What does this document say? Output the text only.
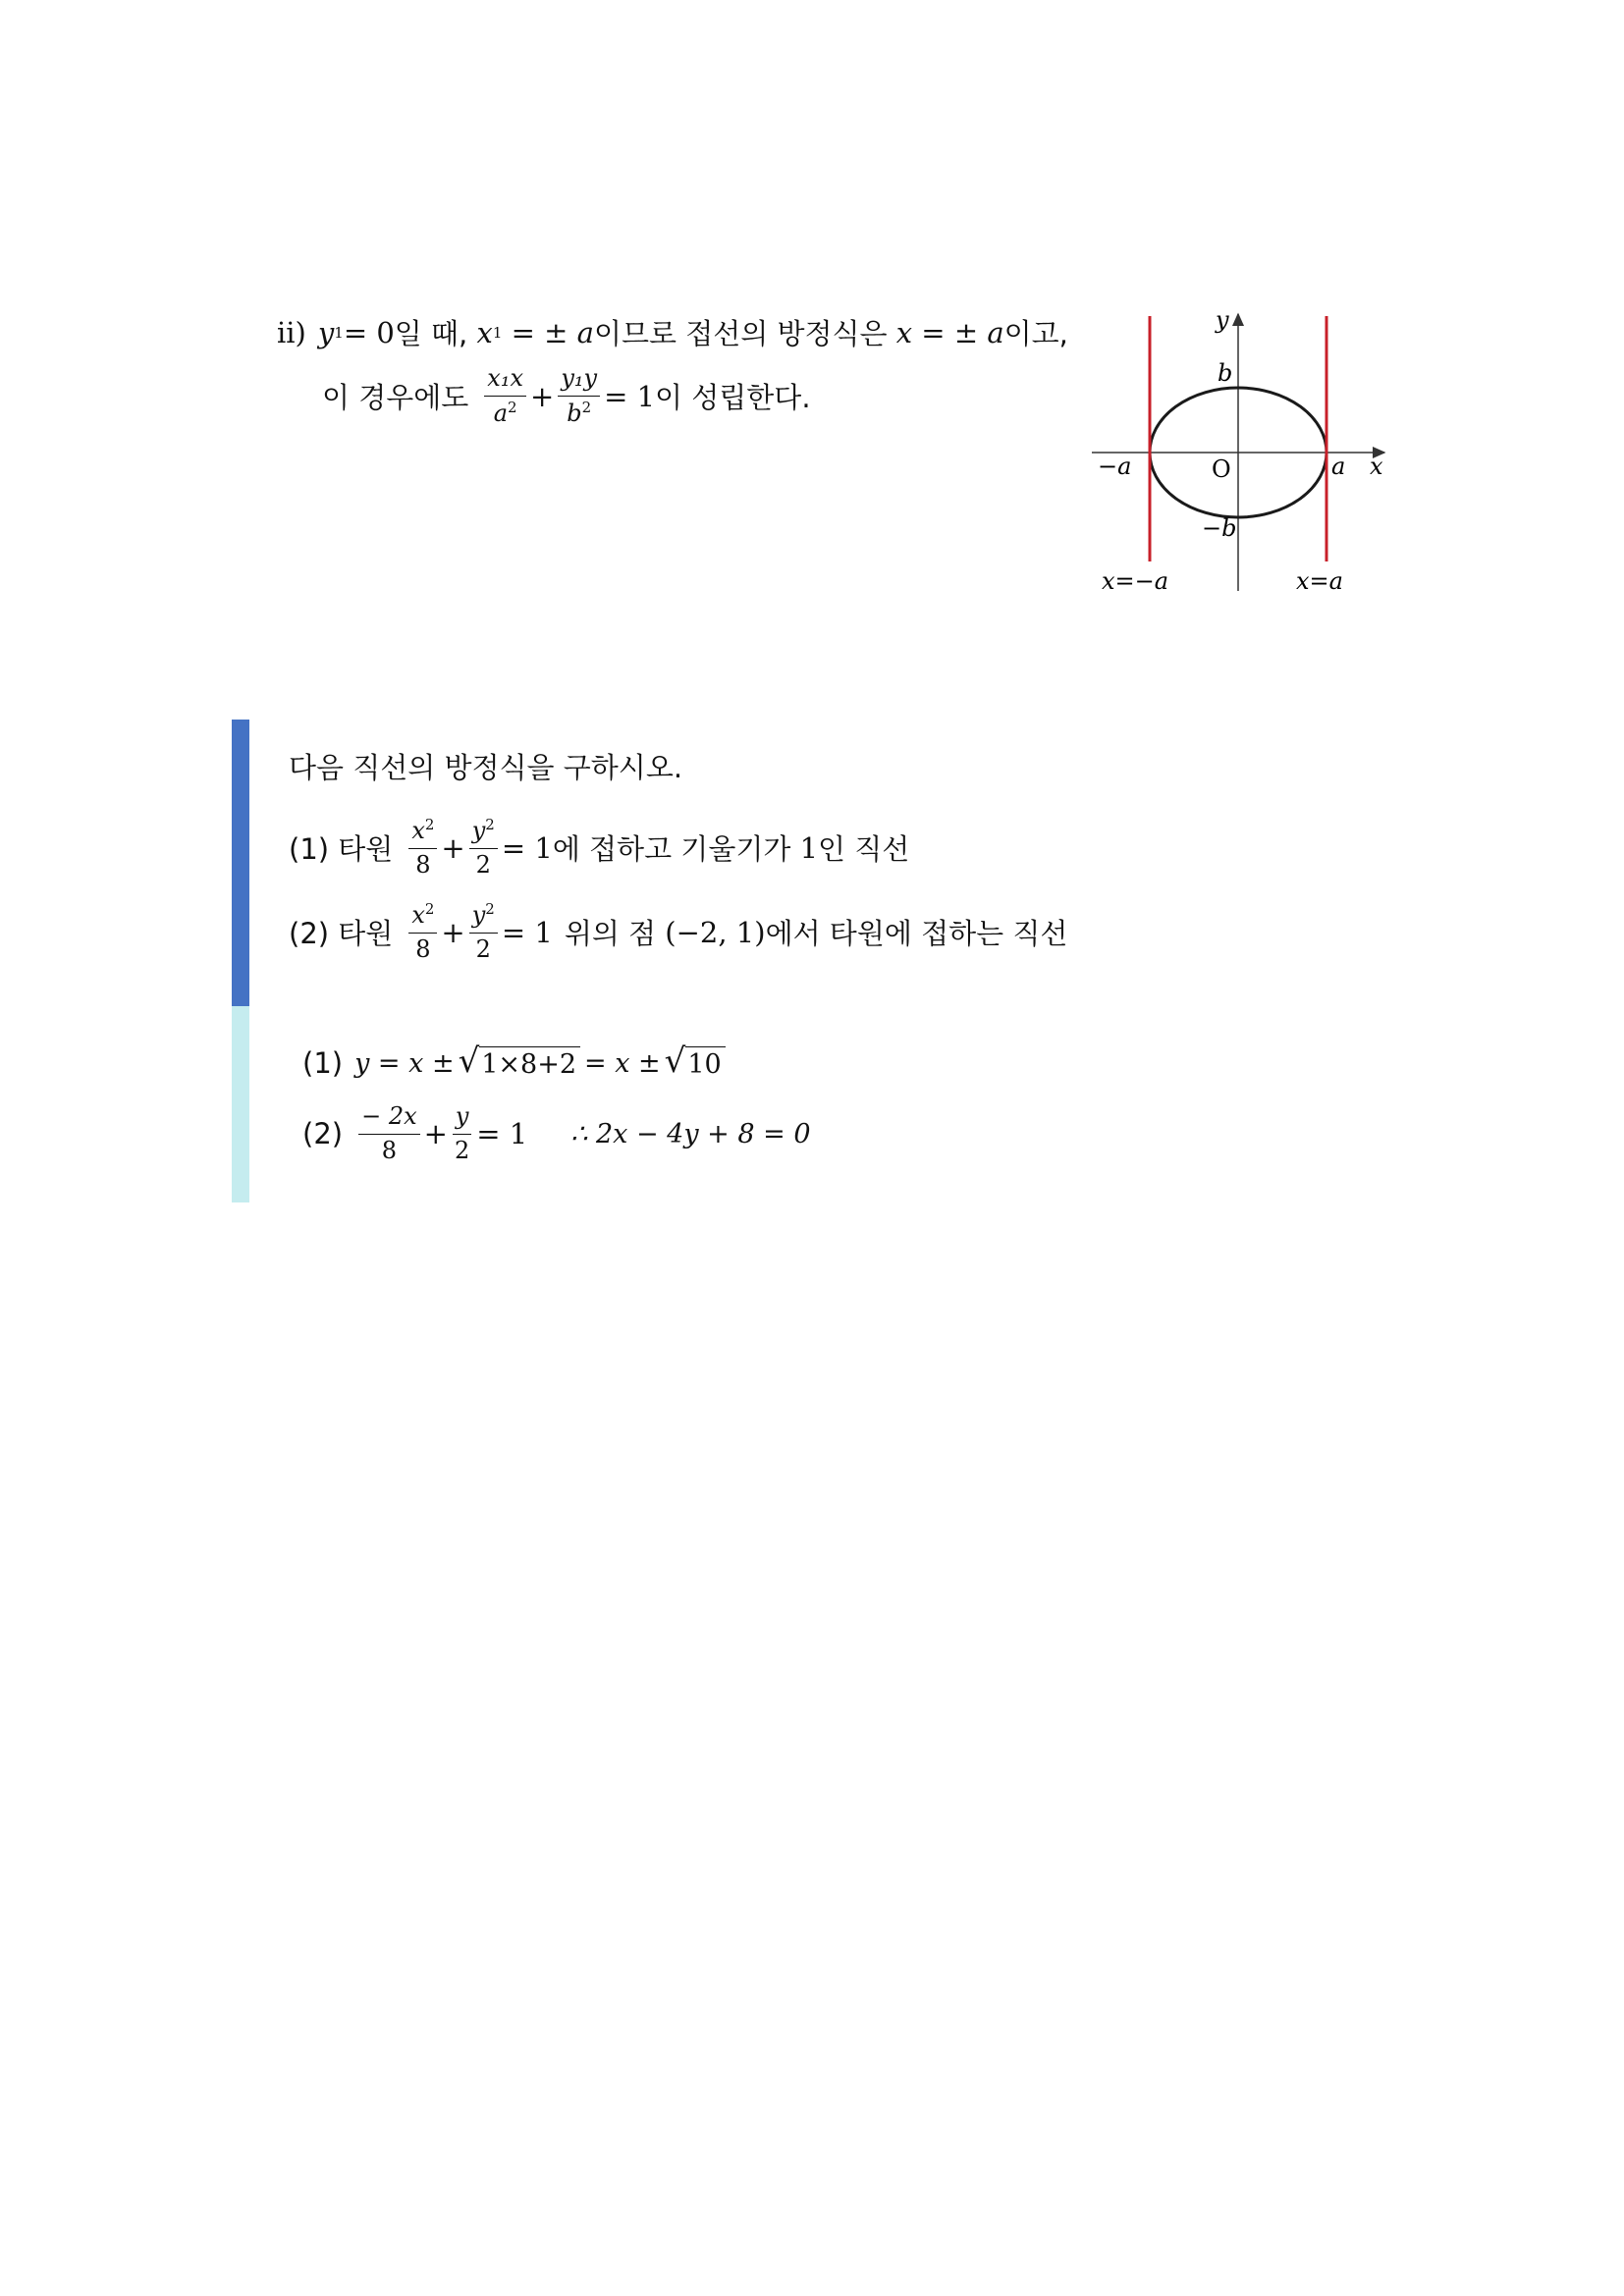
ii) y 1 = 0 일 때, x 1 = ± a 이므로 접선의 방정식은 x = ± a 이고,
이 경우에도 $\frac{\text{x₁x}}{a^2} + \frac{\text{y₁y}}{b^2} = 1$ 이 성립한다.
y
x
O
b
−b
a
−a
x=−a	x=a
다음 직선의 방정식을 구하시오.
(1) 타원 $\frac{x^2}{8} + \frac{y^2}{2} = 1$ 에 접하고 기울기가 1 인 직선
(2) 타원 $\frac{x^2}{8} + \frac{y^2}{2} = 1$ 위의 점 (−2, 1) 에서 타원에 접하는 직선
(1) y = x ± √ 1×8+2 = x ± √ 10
$(2) \frac{- 2x}{8} + \frac{y}{2} = 1$ ∴ 2x − 4y + 8 = 0
